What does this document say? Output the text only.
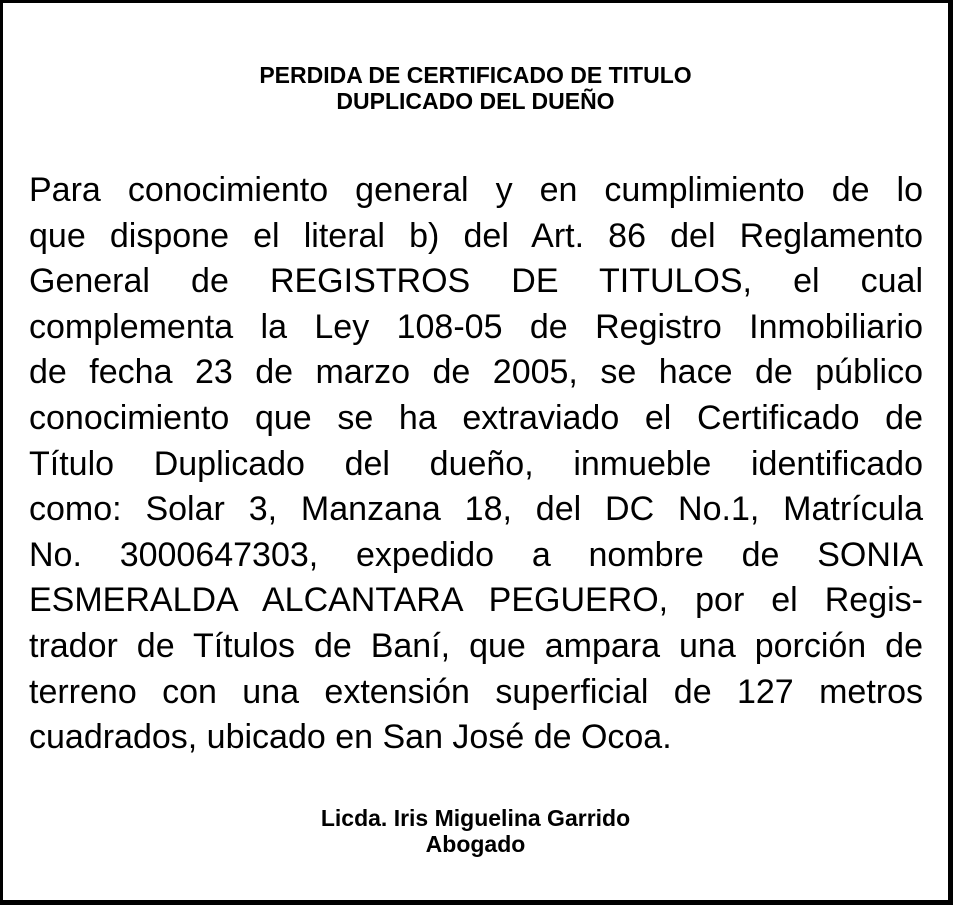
PERDIDA DE CERTIFICADO DE TITULO
DUPLICADO DEL DUEÑO
Para conocimiento general y en cumplimiento de lo
que dispone el literal b) del Art. 86 del Reglamento
General de REGISTROS DE TITULOS, el cual
complementa la Ley 108-05 de Registro Inmobiliario
de fecha 23 de marzo de 2005, se hace de público
conocimiento que se ha extraviado el Certificado de
Título Duplicado del dueño, inmueble identificado
como: Solar 3, Manzana 18, del DC No.1, Matrícula
No. 3000647303, expedido a nombre de SONIA
ESMERALDA ALCANTARA PEGUERO, por el Regis-
trador de Títulos de Baní, que ampara una porción de
terreno con una extensión superficial de 127 metros
cuadrados, ubicado en San José de Ocoa.
Licda. Iris Miguelina Garrido
Abogado
